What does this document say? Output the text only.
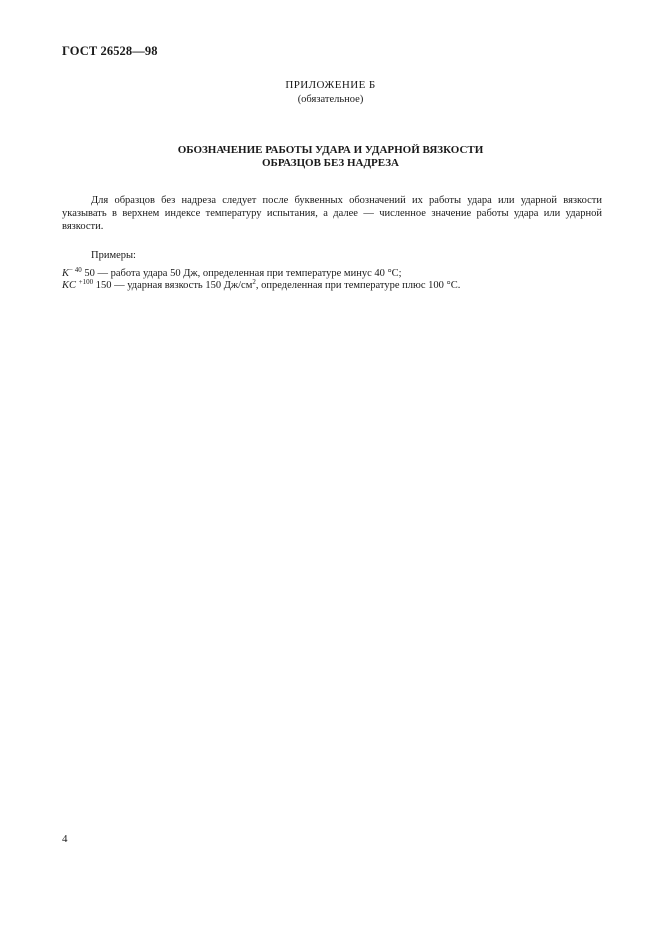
ГОСТ 26528—98
ПРИЛОЖЕНИЕ Б
(обязательное)
ОБОЗНАЧЕНИЕ РАБОТЫ УДАРА И УДАРНОЙ ВЯЗКОСТИ
ОБРАЗЦОВ БЕЗ НАДРЕЗА
Для образцов без надреза следует после буквенных обозначений их работы удара или ударной вязкости указывать в верхнем индексе температуру испытания, а далее — численное значение работы удара или ударной вязкости.
Примеры:
$K^{- 40}$ 50 — работа удара 50 Дж, определенная при температуре минус 40 °С;
KC $^{+100}$ 150 — ударная вязкость 150 $Дж/см^2$, определенная при температуре плюс 100 °С.
4
